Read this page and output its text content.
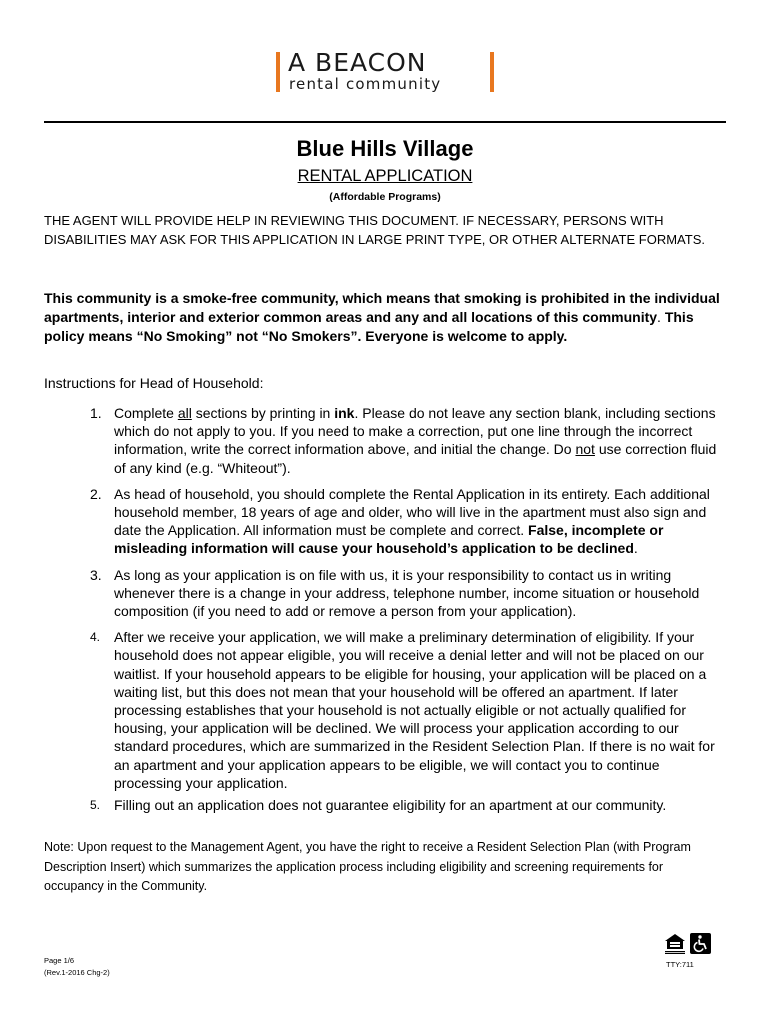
A BEACON
rental community
Blue Hills Village
RENTAL APPLICATION
(Affordable Programs)
THE AGENT WILL PROVIDE HELP IN REVIEWING THIS DOCUMENT. IF NECESSARY, PERSONS WITH DISABILITIES MAY ASK FOR THIS APPLICATION IN LARGE PRINT TYPE, OR OTHER ALTERNATE FORMATS.
This community is a smoke-free community, which means that smoking is prohibited in the individual apartments, interior and exterior common areas and any and all locations of this community. This policy means “No Smoking” not “No Smokers”. Everyone is welcome to apply.
Instructions for Head of Household:
1. Complete all sections by printing in ink. Please do not leave any section blank, including sections which do not apply to you. If you need to make a correction, put one line through the incorrect information, write the correct information above, and initial the change. Do not use correction fluid of any kind (e.g. “Whiteout”).
2. As head of household, you should complete the Rental Application in its entirety. Each additional household member, 18 years of age and older, who will live in the apartment must also sign and date the Application. All information must be complete and correct. False, incomplete or misleading information will cause your household’s application to be declined.
3. As long as your application is on file with us, it is your responsibility to contact us in writing whenever there is a change in your address, telephone number, income situation or household composition (if you need to add or remove a person from your application).
4. After we receive your application, we will make a preliminary determination of eligibility. If your household does not appear eligible, you will receive a denial letter and will not be placed on our waitlist. If your household appears to be eligible for housing, your application will be placed on a waiting list, but this does not mean that your household will be offered an apartment. If later processing establishes that your household is not actually eligible or not actually qualified for housing, your application will be declined. We will process your application according to our standard procedures, which are summarized in the Resident Selection Plan. If there is no wait for an apartment and your application appears to be eligible, we will contact you to continue processing your application.
5. Filling out an application does not guarantee eligibility for an apartment at our community.
Note: Upon request to the Management Agent, you have the right to receive a Resident Selection Plan (with Program Description Insert) which summarizes the application process including eligibility and screening requirements for occupancy in the Community.
Page 1/6
(Rev.1-2016 Chg-2)
TTY:711
